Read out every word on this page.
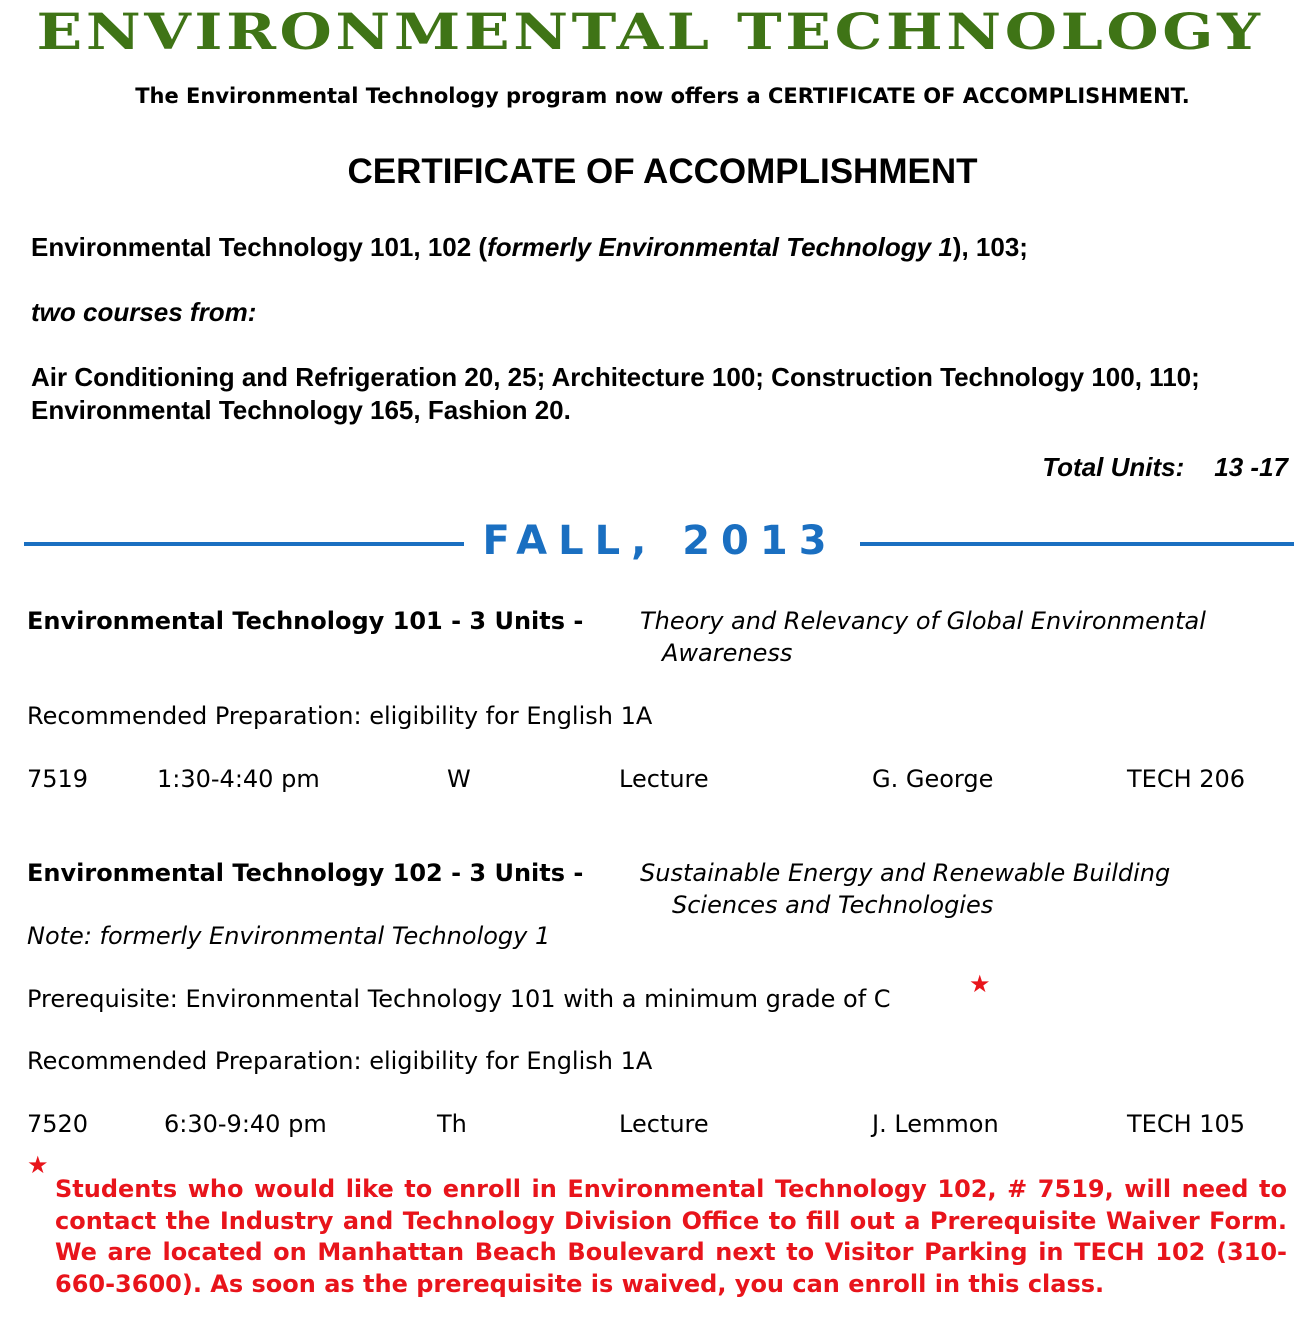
ENVIRONMENTAL TECHNOLOGY
The Environmental Technology program now offers a CERTIFICATE OF ACCOMPLISHMENT.
CERTIFICATE OF ACCOMPLISHMENT
Environmental Technology 101, 102 (formerly Environmental Technology 1), 103;
two courses from:
Air Conditioning and Refrigeration 20, 25; Architecture 100; Construction Technology 100, 110;
Environmental Technology 165, Fashion 20.
Total Units: 13 -17
FALL, 2013
Environmental Technology 101 - 3 Units - Theory and Relevancy of Global Environmental
Awareness
Recommended Preparation: eligibility for English 1A
7519	1:30-4:40 pm	W	Lecture	G. George	TECH 206
Environmental Technology 102 - 3 Units - Sustainable Energy and Renewable Building
Sciences and Technologies
Note: formerly Environmental Technology 1
Prerequisite: Environmental Technology 101 with a minimum grade of C
★
Recommended Preparation: eligibility for English 1A
7520	6:30-9:40 pm	Th	Lecture	J. Lemmon	TECH 105
★
Students who would like to enroll in Environmental Technology 102, # 7519, will need to contact the Industry and Technology Division Office to fill out a Prerequisite Waiver Form. We are located on Manhattan Beach Boulevard next to Visitor Parking in TECH 102 (310-660-3600). As soon as the prerequisite is waived, you can enroll in this class.
